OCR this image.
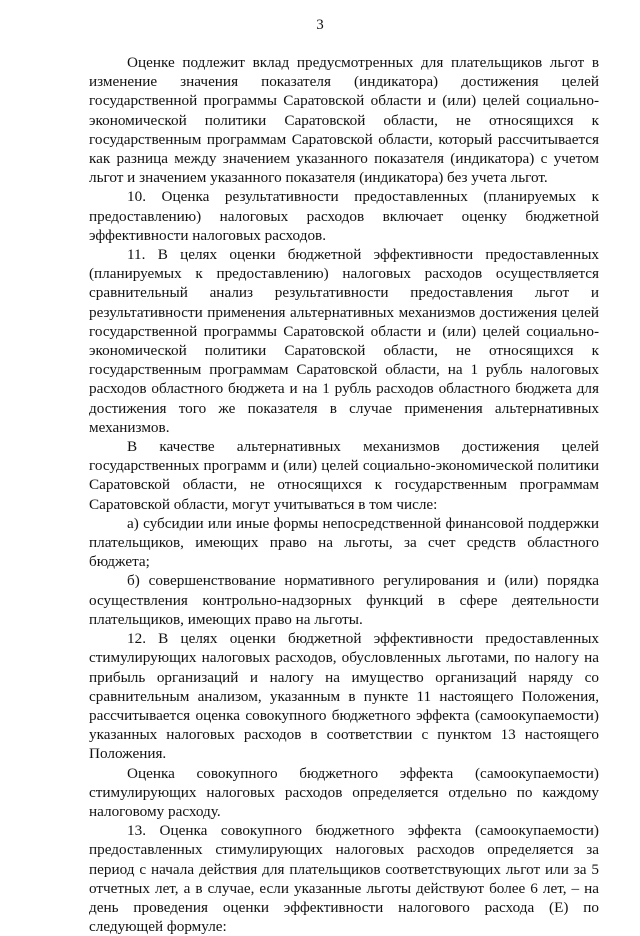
3

Оценке подлежит вклад предусмотренных для плательщиков льгот в изменение значения показателя (индикатора) достижения целей государственной программы Саратовской области и (или) целей социально-экономической политики Саратовской области, не относящихся к государственным программам Саратовской области, который рассчитывается как разница между значением указанного показателя (индикатора) с учетом льгот и значением указанного показателя (индикатора) без учета льгот.

10. Оценка результативности предоставленных (планируемых к предоставлению) налоговых расходов включает оценку бюджетной эффективности налоговых расходов.

11. В целях оценки бюджетной эффективности предоставленных (планируемых к предоставлению) налоговых расходов осуществляется сравнительный анализ результативности предоставления льгот и результативности применения альтернативных механизмов достижения целей государственной программы Саратовской области и (или) целей социально-экономической политики Саратовской области, не относящихся к государственным программам Саратовской области, на 1 рубль налоговых расходов областного бюджета и на 1 рубль расходов областного бюджета для достижения того же показателя в случае применения альтернативных механизмов.

В качестве альтернативных механизмов достижения целей государственных программ и (или) целей социально-экономической политики Саратовской области, не относящихся к государственным программам Саратовской области, могут учитываться в том числе:

а) субсидии или иные формы непосредственной финансовой поддержки плательщиков, имеющих право на льготы, за счет средств областного бюджета;

б) совершенствование нормативного регулирования и (или) порядка осуществления контрольно-надзорных функций в сфере деятельности плательщиков, имеющих право на льготы.

12. В целях оценки бюджетной эффективности предоставленных стимулирующих налоговых расходов, обусловленных льготами, по налогу на прибыль организаций и налогу на имущество организаций наряду со сравнительным анализом, указанным в пункте 11 настоящего Положения, рассчитывается оценка совокупного бюджетного эффекта (самоокупаемости) указанных налоговых расходов в соответствии с пунктом 13 настоящего Положения.

Оценка совокупного бюджетного эффекта (самоокупаемости) стимулирующих налоговых расходов определяется отдельно по каждому налоговому расходу.

13. Оценка совокупного бюджетного эффекта (самоокупаемости) предоставленных стимулирующих налоговых расходов определяется за период с начала действия для плательщиков соответствующих льгот или за 5 отчетных лет, а в случае, если указанные льготы действуют более 6 лет, – на день проведения оценки эффективности налогового расхода (Е) по следующей формуле:
